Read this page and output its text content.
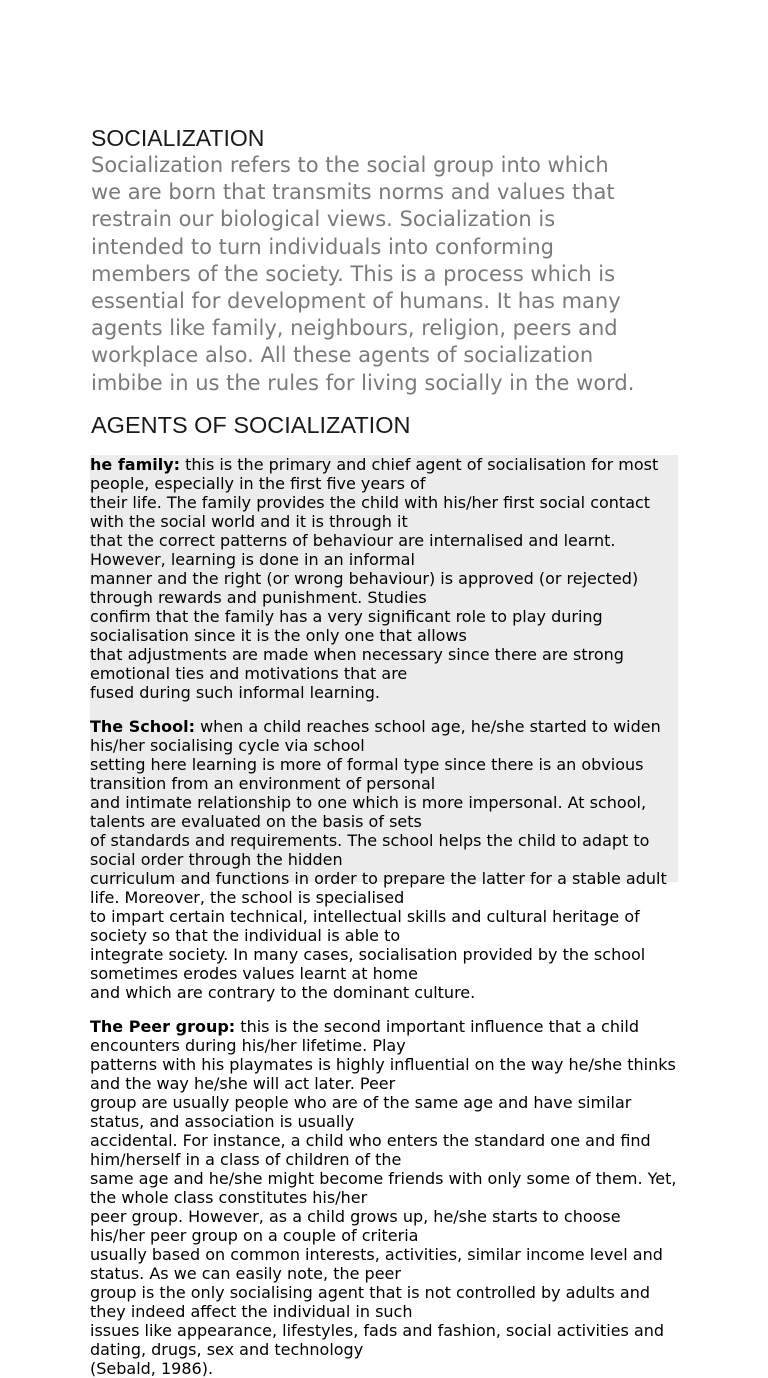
SOCIALIZATION
Socialization refers to the social group into which
we are born that transmits norms and values that
restrain our biological views. Socialization is
intended to turn individuals into conforming
members of the society. This is a process which is
essential for development of humans. It has many
agents like family, neighbours, religion, peers and
workplace also. All these agents of socialization
imbibe in us the rules for living socially in the word.
AGENTS OF SOCIALIZATION

he family: this is the primary and chief agent of socialisation for most people, especially in the first five years of
their life. The family provides the child with his/her first social contact with the social world and it is through it
that the correct patterns of behaviour are internalised and learnt. However, learning is done in an informal
manner and the right (or wrong behaviour) is approved (or rejected) through rewards and punishment. Studies
confirm that the family has a very significant role to play during socialisation since it is the only one that allows
that adjustments are made when necessary since there are strong emotional ties and motivations that are
fused during such informal learning.

The School: when a child reaches school age, he/she started to widen his/her socialising cycle via school
setting here learning is more of formal type since there is an obvious transition from an environment of personal
and intimate relationship to one which is more impersonal. At school, talents are evaluated on the basis of sets
of standards and requirements. The school helps the child to adapt to social order through the hidden
curriculum and functions in order to prepare the latter for a stable adult life. Moreover, the school is specialised
to impart certain technical, intellectual skills and cultural heritage of society so that the individual is able to
integrate society. In many cases, socialisation provided by the school sometimes erodes values learnt at home
and which are contrary to the dominant culture.

The Peer group: this is the second important influence that a child encounters during his/her lifetime. Play
patterns with his playmates is highly influential on the way he/she thinks and the way he/she will act later. Peer
group are usually people who are of the same age and have similar status, and association is usually
accidental. For instance, a child who enters the standard one and find him/herself in a class of children of the
same age and he/she might become friends with only some of them. Yet, the whole class constitutes his/her
peer group. However, as a child grows up, he/she starts to choose his/her peer group on a couple of criteria
usually based on common interests, activities, similar income level and status. As we can easily note, the peer
group is the only socialising agent that is not controlled by adults and they indeed affect the individual in such
issues like appearance, lifestyles, fads and fashion, social activities and dating, drugs, sex and technology
(Sebald, 1986).
